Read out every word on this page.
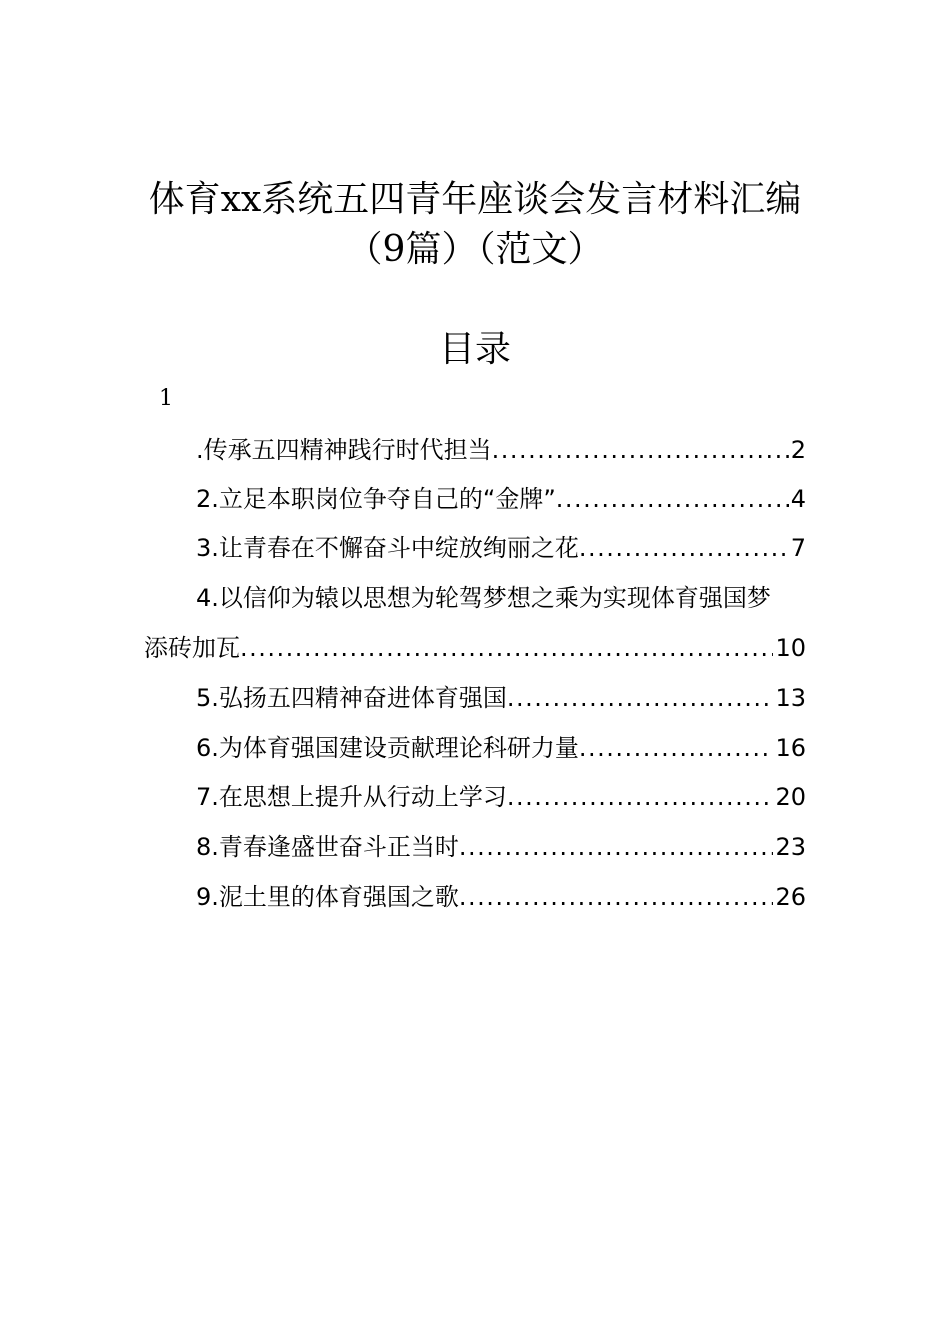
体育xx系统五四青年座谈会发言材料汇编
（9篇）（范文）
目录
1
.传承五四精神践行时代担当 .....	2
2.立足本职岗位争夺自己的“金牌” .....	4
3.让青春在不懈奋斗中绽放绚丽之花 .....	7
4.以信仰为辕以思想为轮驾梦想之乘为实现体育强国梦
添砖加瓦 .....	10
5.弘扬五四精神奋进体育强国 .....	13
6.为体育强国建设贡献理论科研力量 .....	16
7.在思想上提升从行动上学习 .....	20
8.青春逢盛世奋斗正当时 .....	23
9.泥土里的体育强国之歌 .....	26
